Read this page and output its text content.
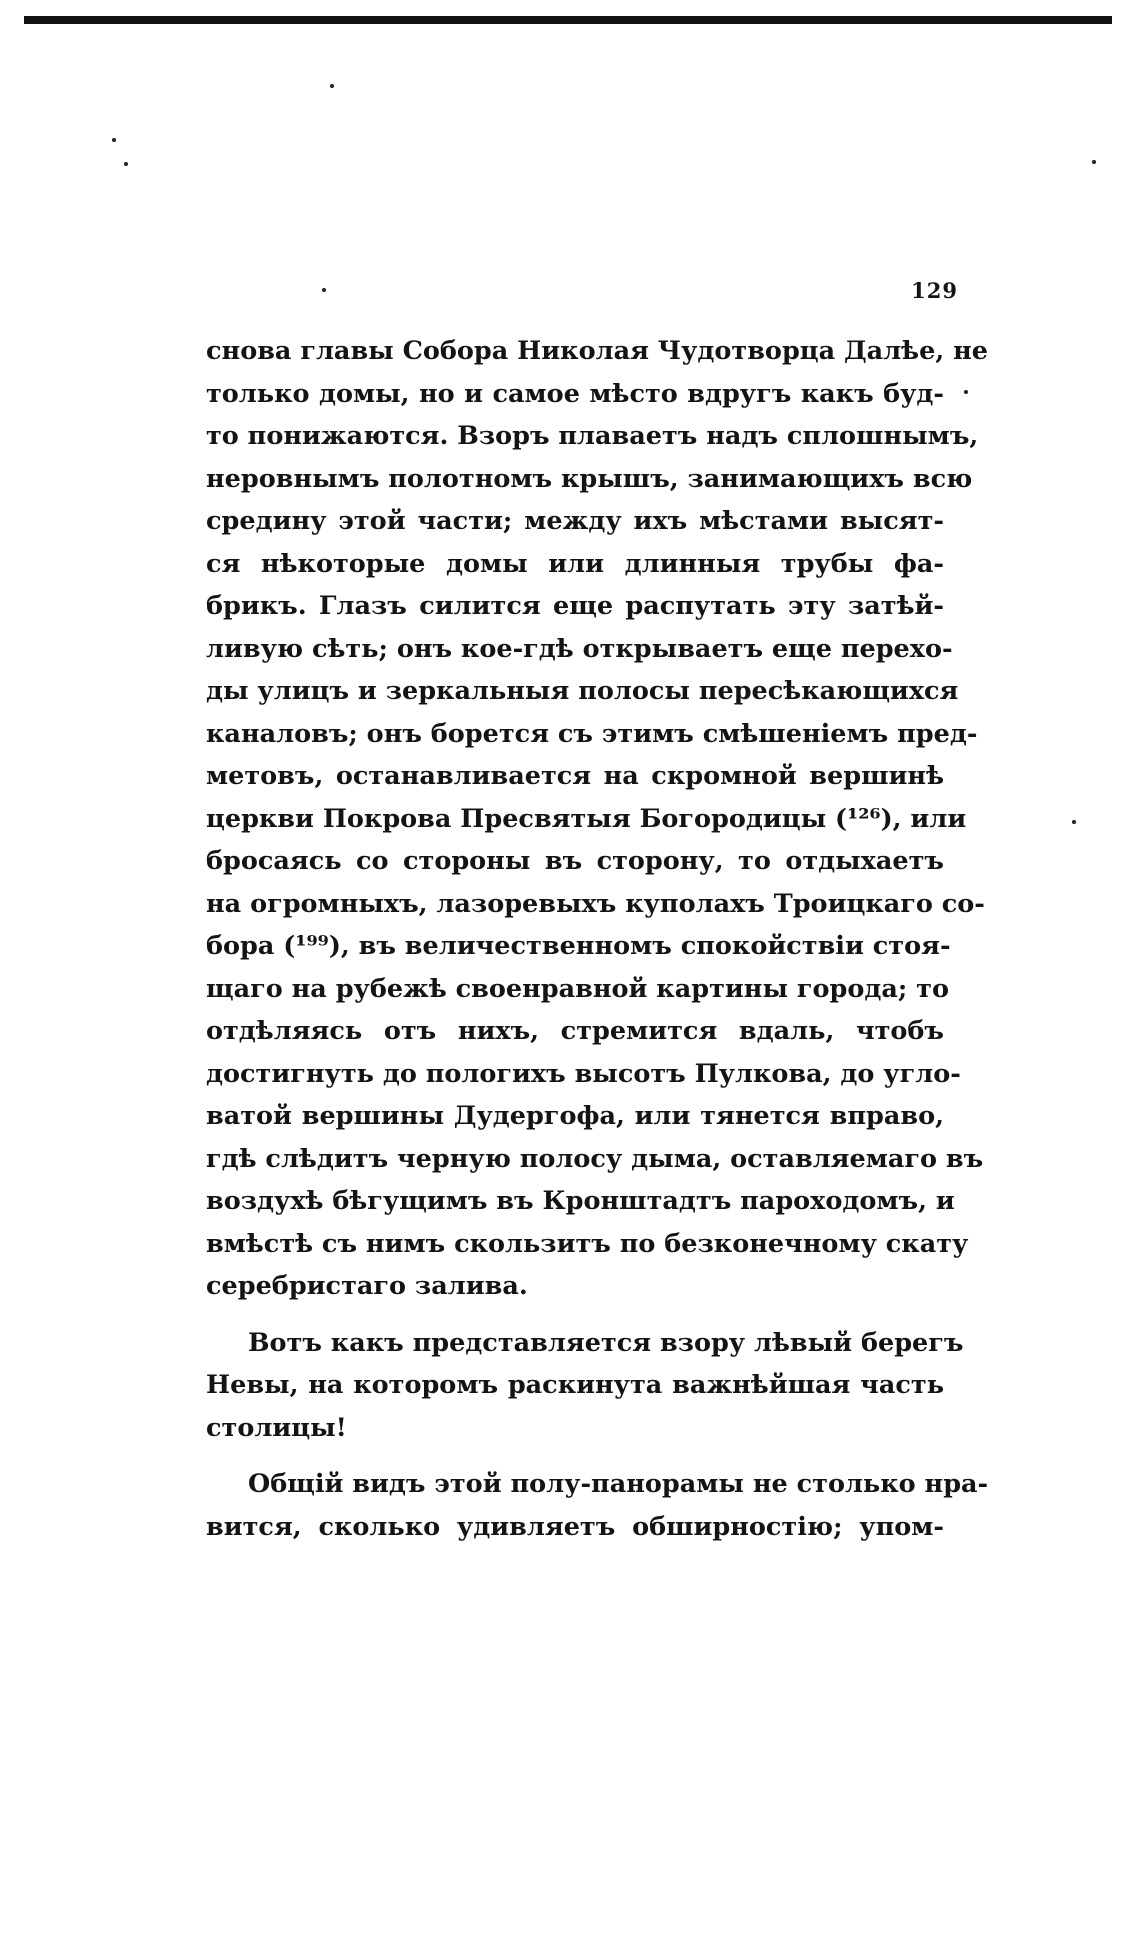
129
снова главы Собора Николая Чудотворца Далѣе, не
только домы, но и самое мѣсто вдругъ какъ буд-
то понижаются. Взоръ плаваетъ надъ сплошнымъ,
неровнымъ полотномъ крышъ, занимающихъ всю
средину этой части; между ихъ мѣстами высят-
ся нѣкоторые домы или длинныя трубы фа-
брикъ. Глазъ силится еще распутать эту затѣй-
ливую сѣть; онъ кое-гдѣ открываетъ еще перехо-
ды улицъ и зеркальныя полосы пересѣкающихся
каналовъ; онъ борется съ этимъ смѣшеніемъ пред-
метовъ, останавливается на скромной вершинѣ
церкви Покрова Пресвятыя Богородицы (¹²⁶), или
бросаясь со стороны въ сторону, то отдыхаетъ
на огромныхъ, лазоревыхъ куполахъ Троицкаго со-
бора (¹⁹⁹), въ величественномъ спокойствіи стоя-
щаго на рубежѣ своенравной картины города; то
отдѣляясь отъ нихъ, стремится вдаль, чтобъ
достигнуть до пологихъ высотъ Пулкова, до угло-
ватой вершины Дудергофа, или тянется вправо,
гдѣ слѣдитъ черную полосу дыма, оставляемаго въ
воздухѣ бѣгущимъ въ Кронштадтъ пароходомъ, и
вмѣстѣ съ нимъ скользитъ по безконечному скату
серебристаго залива.
Вотъ какъ представляется взору лѣвый берегъ
Невы, на которомъ раскинута важнѣйшая часть
столицы!
Общій видъ этой полу-панорамы не столько нра-
вится, сколько удивляетъ обширностію; упом-
